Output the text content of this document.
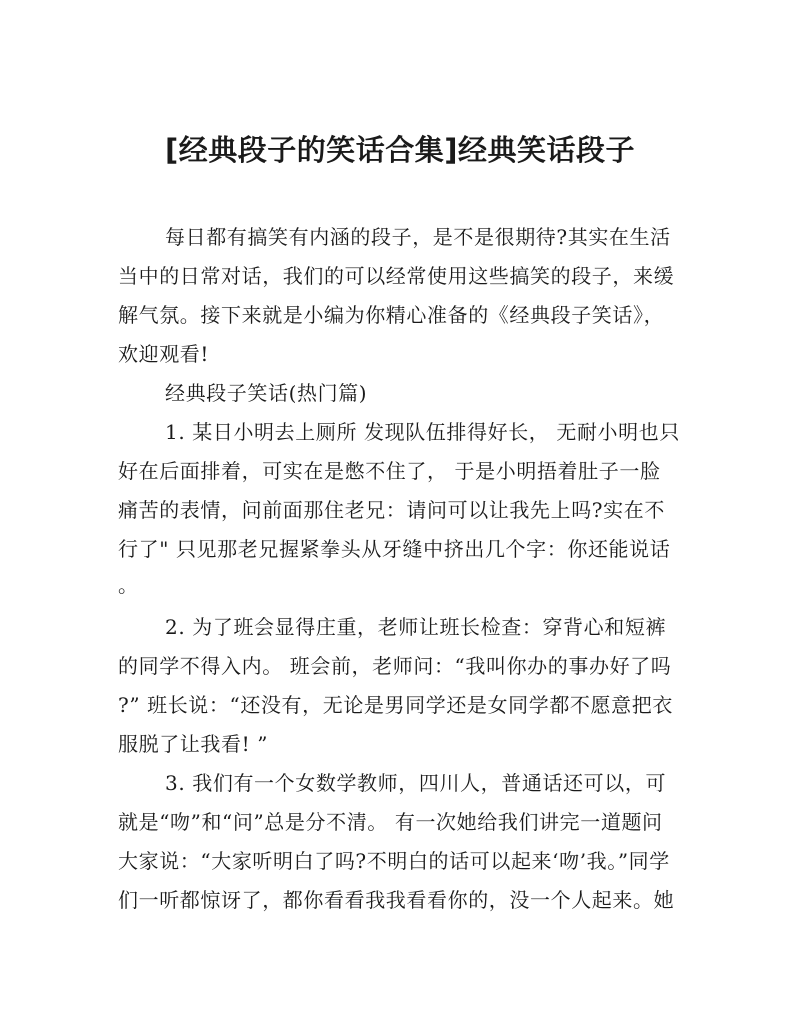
[经典段子的笑话合集]经典笑话段子
每日都有搞笑有内涵的段子，是不是很期待?其实在生活
当中的日常对话，我们的可以经常使用这些搞笑的段子，来缓
解气氛。接下来就是小编为你精心准备的《经典段子笑话》，
欢迎观看!
经典段子笑话(热门篇)
1. 某日小明去上厕所 发现队伍排得好长， 无耐小明也只
好在后面排着，可实在是憋不住了， 于是小明捂着肚子一脸
痛苦的表情，问前面那住老兄：请问可以让我先上吗?实在不
行了" 只见那老兄握紧拳头从牙缝中挤出几个字：你还能说话
。
2. 为了班会显得庄重，老师让班长检查：穿背心和短裤
的同学不得入内。 班会前，老师问：“我叫你办的事办好了吗
?” 班长说：“还没有，无论是男同学还是女同学都不愿意把衣
服脱了让我看! ”
3. 我们有一个女数学教师，四川人，普通话还可以，可
就是“吻”和“问”总是分不清。 有一次她给我们讲完一道题问
大家说：“大家听明白了吗?不明白的话可以起来‘吻’我。”同学
们一听都惊讶了，都你看看我我看看你的，没一个人起来。她
